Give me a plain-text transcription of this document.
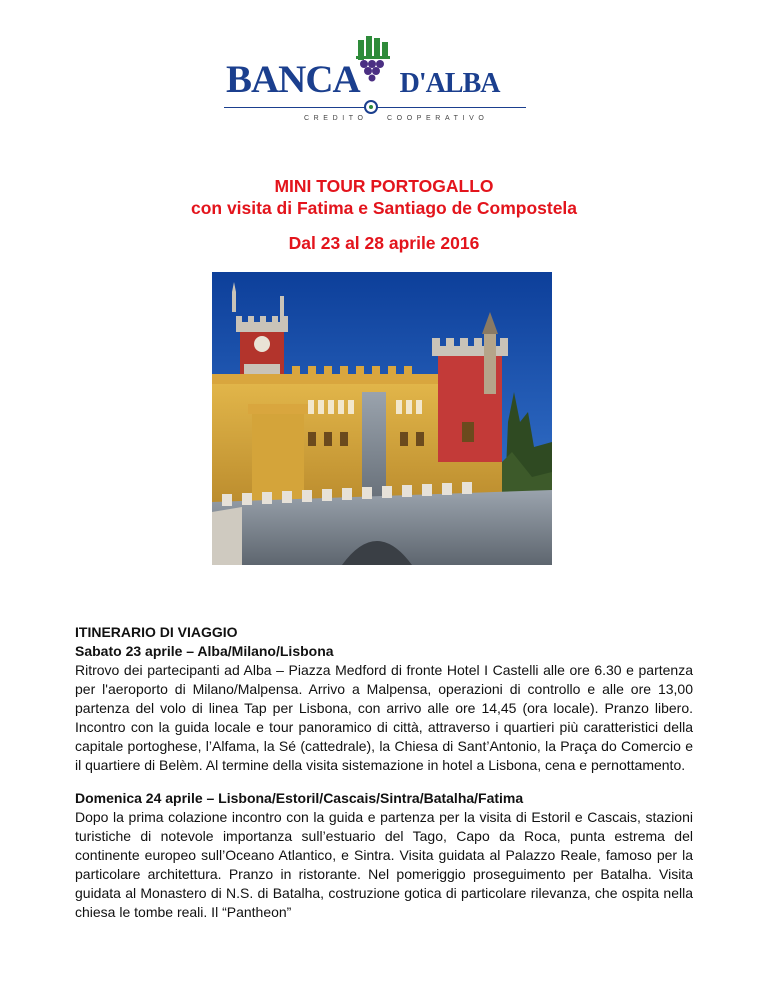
BANCA D'ALBA
CREDITO	COOPERATIVO
MINI TOUR PORTOGALLO
con visita di Fatima e Santiago de Compostela
Dal 23 al 28 aprile 2016

ITINERARIO DI VIAGGIO

Sabato 23 aprile – Alba/Milano/Lisbona

Ritrovo dei partecipanti ad Alba – Piazza Medford di fronte Hotel I Castelli alle ore 6.30 e partenza per l'aeroporto di Milano/Malpensa. Arrivo a Malpensa, operazioni di controllo e alle ore 13,00 partenza del volo di linea Tap per Lisbona, con arrivo alle ore 14,45 (ora locale). Pranzo libero. Incontro con la guida locale e tour panoramico di città, attraverso i quartieri più caratteristici della capitale portoghese, l’Alfama, la Sé (cattedrale), la Chiesa di Sant’Antonio, la Praça do Comercio e il quartiere di Belèm. Al termine della visita sistemazione in hotel a Lisbona, cena e pernottamento.

Domenica 24 aprile – Lisbona/Estoril/Cascais/Sintra/Batalha/Fatima

Dopo la prima colazione incontro con la guida e partenza per la visita di Estoril e Cascais, stazioni turistiche di notevole importanza sull’estuario del Tago, Capo da Roca, punta estrema del continente europeo sull’Oceano Atlantico, e Sintra. Visita guidata al Palazzo Reale, famoso per la particolare architettura. Pranzo in ristorante. Nel pomeriggio proseguimento per Batalha. Visita guidata al Monastero di N.S. di Batalha, costruzione gotica di particolare rilevanza, che ospita nella chiesa le tombe reali. Il “Pantheon”
